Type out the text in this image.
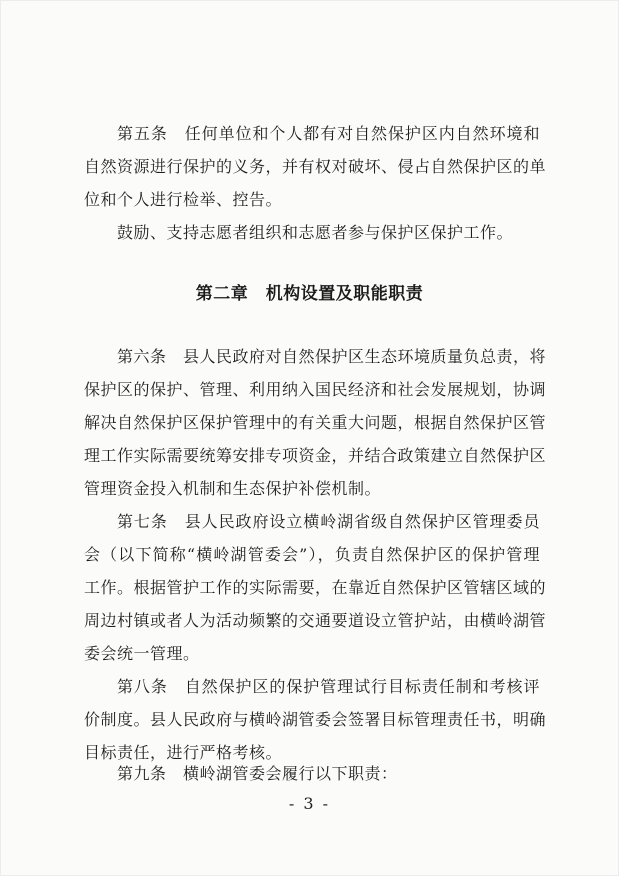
第五条　任何单位和个人都有对自然保护区内自然环境和
自然资源进行保护的义务，并有权对破坏、侵占自然保护区的单
位和个人进行检举、控告。
鼓励、支持志愿者组织和志愿者参与保护区保护工作。
第二章　机构设置及职能职责
第六条　县人民政府对自然保护区生态环境质量负总责，将
保护区的保护、管理、利用纳入国民经济和社会发展规划，协调
解决自然保护区保护管理中的有关重大问题，根据自然保护区管
理工作实际需要统筹安排专项资金，并结合政策建立自然保护区
管理资金投入机制和生态保护补偿机制。
第七条　县人民政府设立横岭湖省级自然保护区管理委员
会（以下简称“横岭湖管委会”），负责自然保护区的保护管理
工作。根据管护工作的实际需要，在靠近自然保护区管辖区域的
周边村镇或者人为活动频繁的交通要道设立管护站，由横岭湖管
委会统一管理。
第八条　自然保护区的保护管理试行目标责任制和考核评
价制度。县人民政府与横岭湖管委会签署目标管理责任书，明确
目标责任，进行严格考核。
第九条　横岭湖管委会履行以下职责：
- 3 -
